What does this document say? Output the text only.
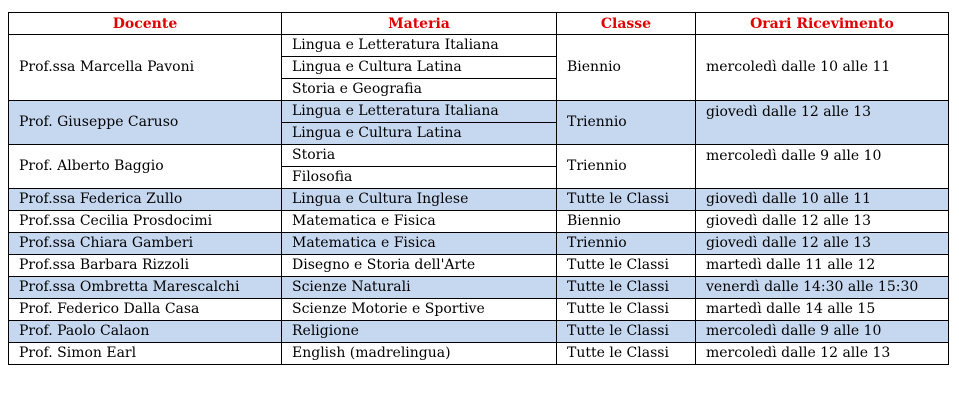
Docente	Materia	Classe	Orari Ricevimento
Prof.ssa Marcella Pavoni	Lingua e Letteratura Italiana	Biennio	mercoledì dalle 10 alle 11
	Lingua e Cultura Latina		
	Storia e Geografia		
Prof. Giuseppe Caruso	Lingua e Letteratura Italiana	Triennio	giovedì dalle 12 alle 13
	Lingua e Cultura Latina		
Prof. Alberto Baggio	Storia	Triennio	mercoledì dalle 9 alle 10
	Filosofia		
Prof.ssa Federica Zullo	Lingua e Cultura Inglese	Tutte le Classi	giovedì dalle 10 alle 11
Prof.ssa Cecilia Prosdocimi	Matematica e Fisica	Biennio	giovedì dalle 12 alle 13
Prof.ssa Chiara Gamberi	Matematica e Fisica	Triennio	giovedì dalle 12 alle 13
Prof.ssa Barbara Rizzoli	Disegno e Storia dell'Arte	Tutte le Classi	martedì dalle 11 alle 12
Prof.ssa Ombretta Marescalchi	Scienze Naturali	Tutte le Classi	venerdì dalle 14:30 alle 15:30
Prof. Federico Dalla Casa	Scienze Motorie e Sportive	Tutte le Classi	martedì dalle 14 alle 15
Prof. Paolo Calaon	Religione	Tutte le Classi	mercoledì dalle 9 alle 10
Prof. Simon Earl	English (madrelingua)	Tutte le Classi	mercoledì dalle 12 alle 13
